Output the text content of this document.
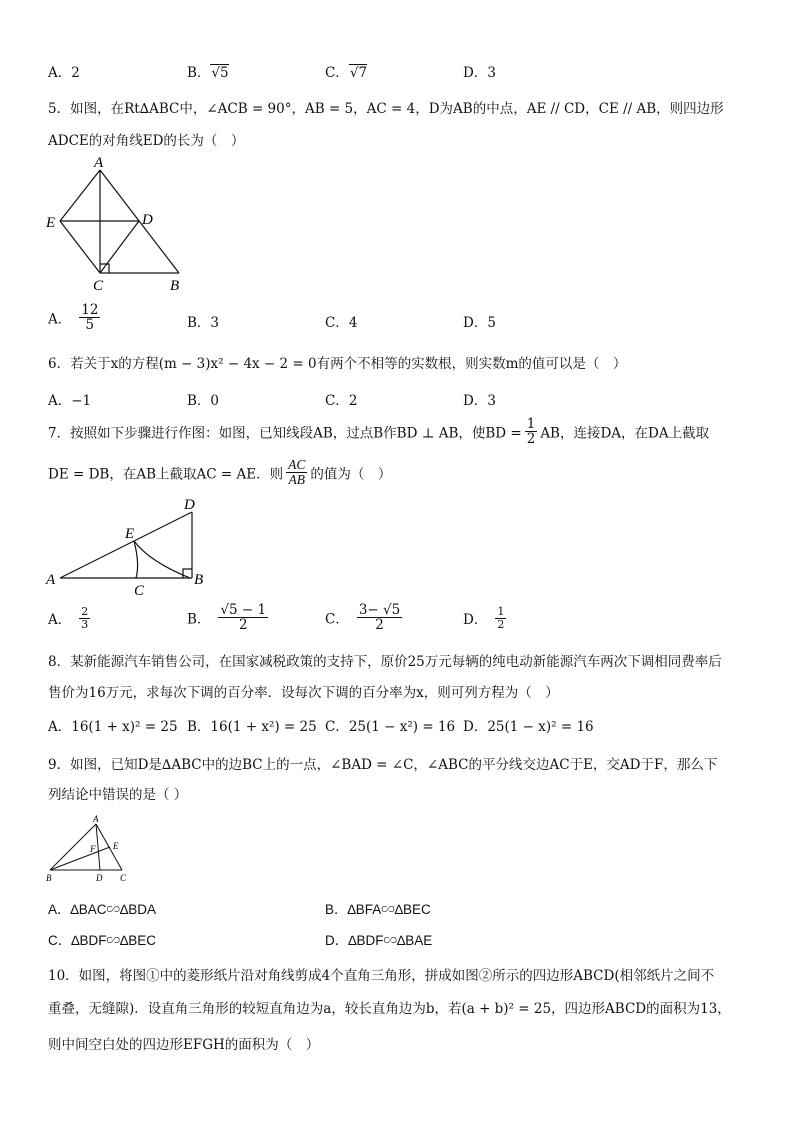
A．2	B．√5	C．√7	D．3
5．如图，在Rt∆ABC中，∠ACB = 90°，AB = 5，AC = 4，D为AB的中点，AE // CD，CE // AB，则四边形
ADCE的对角线ED的长为（　）
A
E	D
C	B
A． $\frac{12}{5}$	B．3	C．4	D．5
6．若关于x的方程(m − 3)x² − 4x − 2 = 0有两个不相等的实数根，则实数m的值可以是（　）
A．−1	B．0	C．2	D．3
7．按照如下步骤进行作图：如图，已知线段AB，过点B作BD ⊥ AB，使BD = $\frac{1}{2}$ AB，连接DA，在DA上截取
DE = DB，在AB上截取AC = AE．则 $\frac{AC}{AB}$ 的值为（　）
A	B
C
D
E
A． $\frac{2}{3}$	B． $\frac{√5 - 1}{2}$	C． $\frac{3- √5}{2}$	D． $\frac{1}{2}$
8．某新能源汽车销售公司，在国家减税政策的支持下，原价25万元每辆的纯电动新能源汽车两次下调相同费率后
售价为16万元，求每次下调的百分率．设每次下调的百分率为x，则可列方程为（　）
A．16(1 + x)² = 25 B．16(1 + x²) = 25 C．25(1 − x²) = 16 D．25(1 − x)² = 16
9．如图，已知D是∆ABC中的边BC上的一点，∠BAD = ∠C，∠ABC的平分线交边AC于E，交AD于F，那么下
列结论中错误的是（ ）
A
B	C
D
E
F
A．∆BAC∽∆BDA	B．∆BFA∽∆BEC
C．∆BDF∽∆BEC	D．∆BDF∽∆BAE
10．如图，将图①中的菱形纸片沿对角线剪成4个直角三角形，拼成如图②所示的四边形ABCD(相邻纸片之间不
重叠，无缝隙)．设直角三角形的较短直角边为a，较长直角边为b，若(a + b)² = 25，四边形ABCD的面积为13，
则中间空白处的四边形EFGH的面积为（　）
